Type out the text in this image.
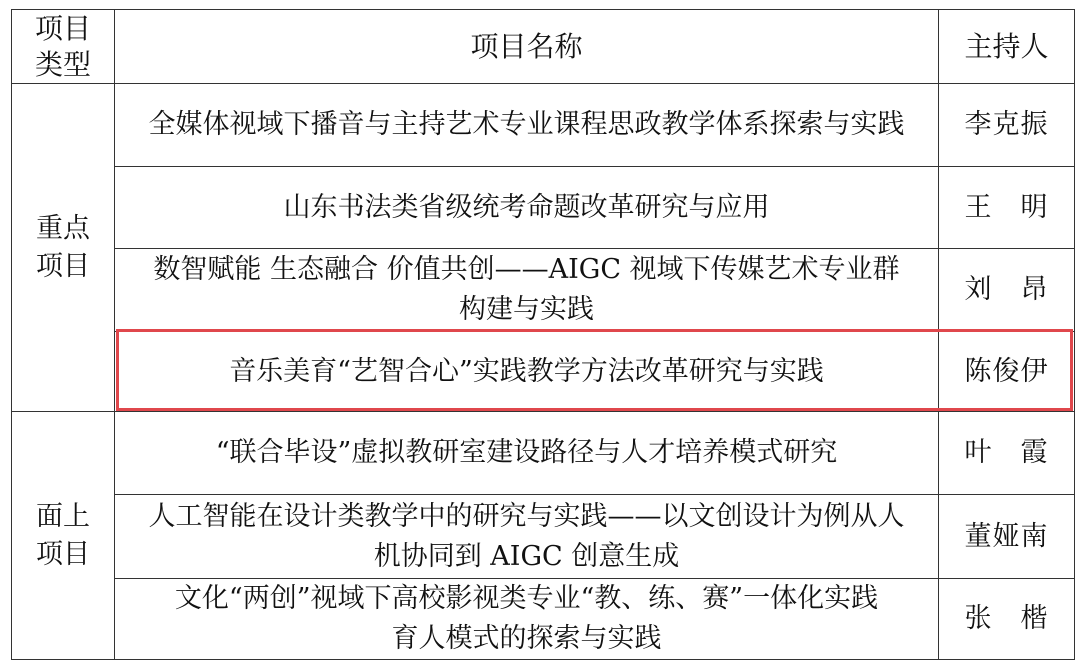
项目
类型	项目名称	主持人

重点
项目	全媒体视域下播音与主持艺术专业课程思政教学体系探索与实践	李克振

	山东书法类省级统考命题改革研究与应用	王　明

	数智赋能 生态融合 价值共创——AIGC 视域下传媒艺术专业群
构建与实践	刘　昂

	音乐美育“艺智合心”实践教学方法改革研究与实践	陈俊伊

面上
项目	“联合毕设”虚拟教研室建设路径与人才培养模式研究	叶　霞

	人工智能在设计类教学中的研究与实践——以文创设计为例从人
机协同到 AIGC 创意生成	董娅南

	文化“两创”视域下高校影视类专业“教、练、赛”一体化实践
育人模式的探索与实践	张　楷
